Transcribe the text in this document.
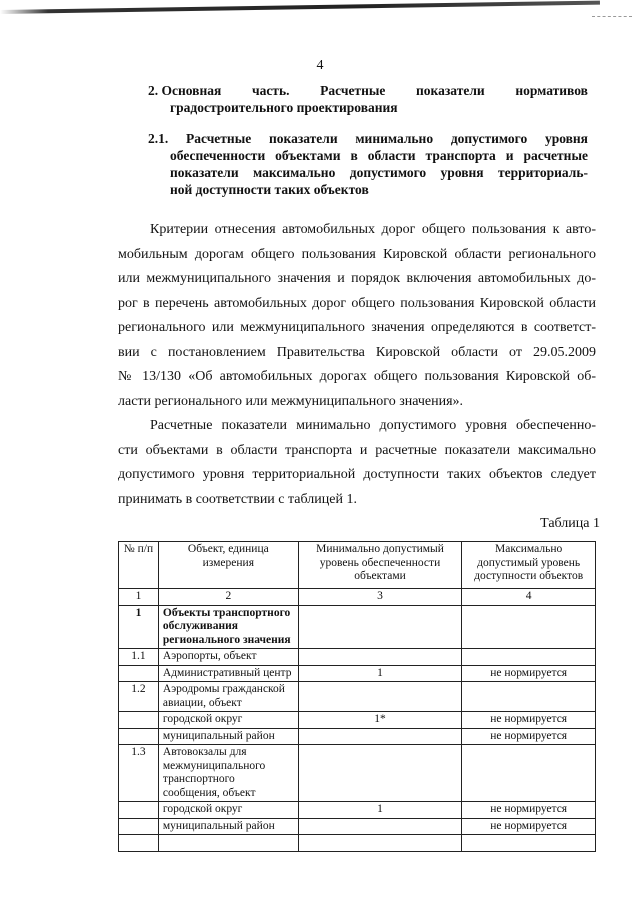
4
2. Основная часть. Расчетные показатели нормативов
градостроительного проектирования
2.1. Расчетные показатели минимально допустимого уровня
обеспеченности объектами в области транспорта и расчетные
показатели максимально допустимого уровня территориаль-
ной доступности таких объектов
Критерии отнесения автомобильных дорог общего пользования к авто-
мобильным дорогам общего пользования Кировской области регионального
или межмуниципального значения и порядок включения автомобильных до-
рог в перечень автомобильных дорог общего пользования Кировской области
регионального или межмуниципального значения определяются в соответст-
вии с постановлением Правительства Кировской области от 29.05.2009
№ 13/130 «Об автомобильных дорогах общего пользования Кировской об-
ласти регионального или межмуниципального значения».
Расчетные показатели минимально допустимого уровня обеспеченно-
сти объектами в области транспорта и расчетные показатели максимально
допустимого уровня территориальной доступности таких объектов следует
принимать в соответствии с таблицей 1.
Таблица 1
№ п/п	Объект, единица измерения	Минимально допустимый уровень обеспеченности объектами	Максимально допустимый уровень доступности объектов
1	2	3	4
1	Объекты транспортного обслуживания регионального значения		
1.1	Аэропорты, объект		
	Административный центр	1	не нормируется
1.2	Аэродромы гражданской авиации, объект		
	городской округ	1*	не нормируется
	муниципальный район		не нормируется
1.3	Автовокзалы для межмуниципального транспортного сообщения, объект		
	городской округ	1	не нормируется
	муниципальный район		не нормируется
